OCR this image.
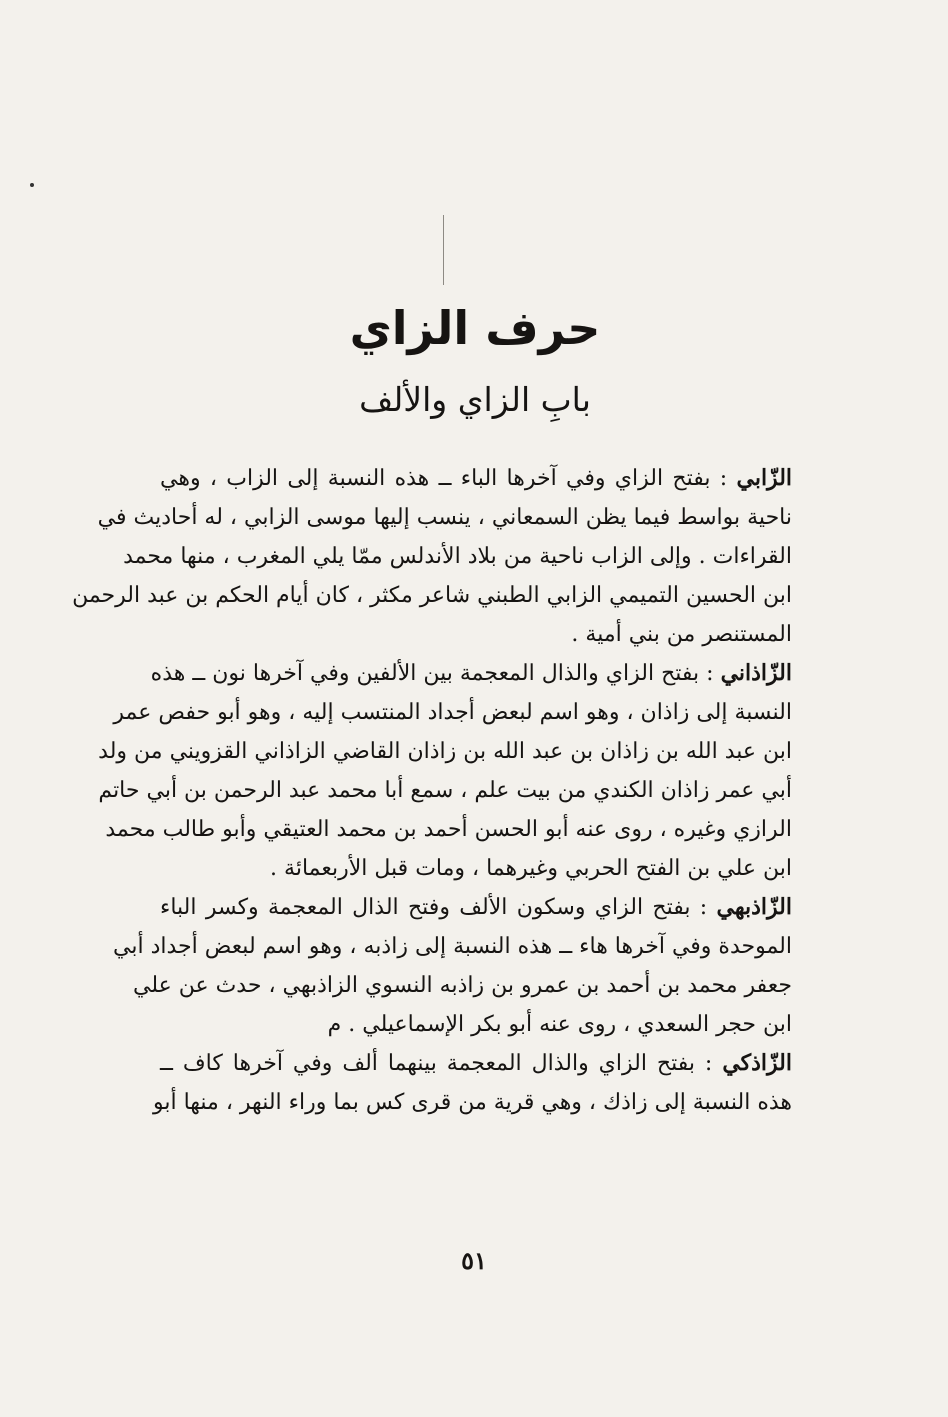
حرف الزاي
بابِ الزاي والألف
الزّابي : بفتح الزاي وفي آخرها الباء ــ هذه النسبة إلى الزاب ، وهي
ناحية بواسط فيما يظن السمعاني ، ينسب إليها موسى الزابي ، له أحاديث في
القراءات . وإلى الزاب ناحية من بلاد الأندلس ممّا يلي المغرب ، منها محمد
ابن الحسين التميمي الزابي الطبني شاعر مكثر ، كان أيام الحكم بن عبد الرحمن
المستنصر من بني أمية .
الزّاذاني : بفتح الزاي والذال المعجمة بين الألفين وفي آخرها نون ــ هذه
النسبة إلى زاذان ، وهو اسم لبعض أجداد المنتسب إليه ، وهو أبو حفص عمر
ابن عبد الله بن زاذان بن عبد الله بن زاذان القاضي الزاذاني القزويني من ولد
أبي عمر زاذان الكندي من بيت علم ، سمع أبا محمد عبد الرحمن بن أبي حاتم
الرازي وغيره ، روى عنه أبو الحسن أحمد بن محمد العتيقي وأبو طالب محمد
ابن علي بن الفتح الحربي وغيرهما ، ومات قبل الأربعمائة .
الزّاذبهي : بفتح الزاي وسكون الألف وفتح الذال المعجمة وكسر الباء
الموحدة وفي آخرها هاء ــ هذه النسبة إلى زاذبه ، وهو اسم لبعض أجداد أبي
جعفر محمد بن أحمد بن عمرو بن زاذبه النسوي الزاذبهي ، حدث عن علي
ابن حجر السعدي ، روى عنه أبو بكر الإسماعيلي . م
الزّاذكي : بفتح الزاي والذال المعجمة بينهما ألف وفي آخرها كاف ــ
هذه النسبة إلى زاذك ، وهي قرية من قرى كس بما وراء النهر ، منها أبو
٥١
